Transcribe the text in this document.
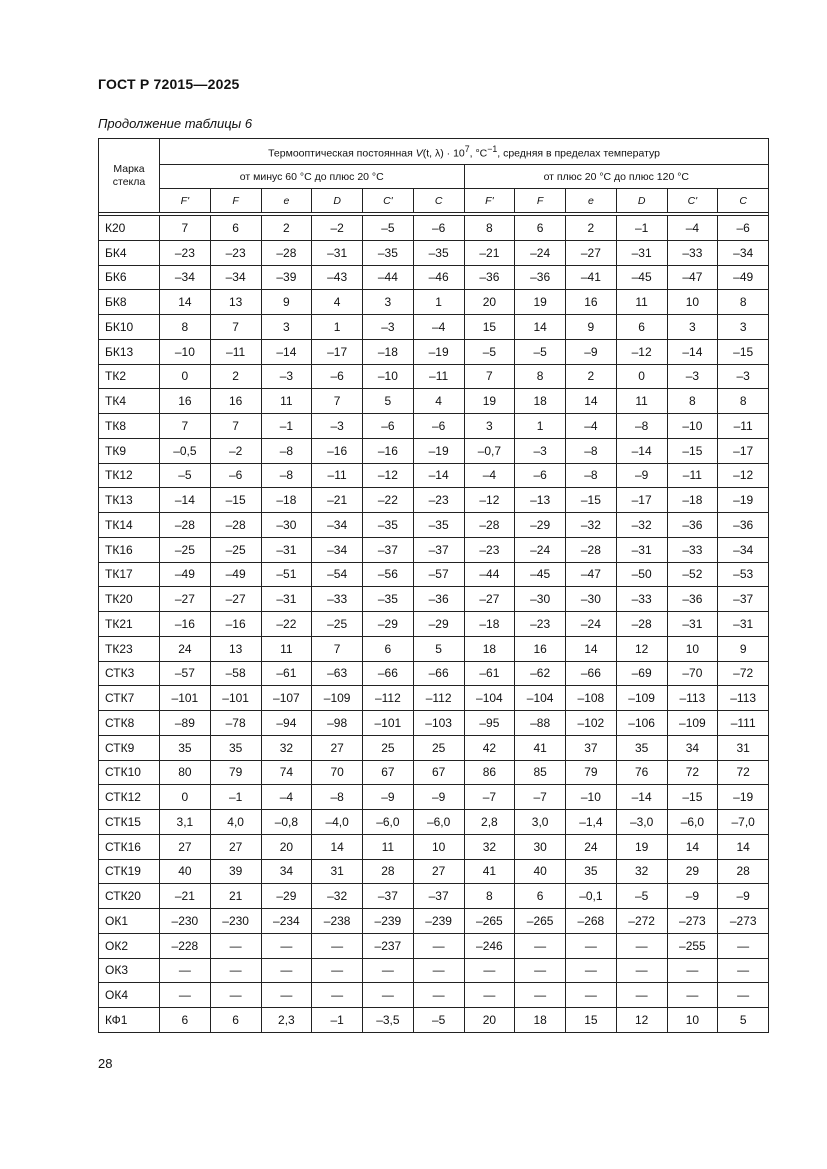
ГОСТ Р 72015—2025
Продолжение таблицы 6
Марка стекла	Термооптическая постоянная V(t, $\lambda) \cdot 10^7$, $^\circ C^{-1}$, средняя в пределах температур											
	от минус 60 °C до плюс 20 °C						от плюс 20 °C до плюс 120 °C					
	F'	F	e	D	C'	C	F'	F	e	D	C'	C

К20	7	6	2	–2	–5	–6	8	6	2	–1	–4	–6
БК4	–23	–23	–28	–31	–35	–35	–21	–24	–27	–31	–33	–34
БК6	–34	–34	–39	–43	–44	–46	–36	–36	–41	–45	–47	–49
БК8	14	13	9	4	3	1	20	19	16	11	10	8
БК10	8	7	3	1	–3	–4	15	14	9	6	3	3
БК13	–10	–11	–14	–17	–18	–19	–5	–5	–9	–12	–14	–15
ТК2	0	2	–3	–6	–10	–11	7	8	2	0	–3	–3
ТК4	16	16	11	7	5	4	19	18	14	11	8	8
ТК8	7	7	–1	–3	–6	–6	3	1	–4	–8	–10	–11
ТК9	–0,5	–2	–8	–16	–16	–19	–0,7	–3	–8	–14	–15	–17
ТК12	–5	–6	–8	–11	–12	–14	–4	–6	–8	–9	–11	–12
ТК13	–14	–15	–18	–21	–22	–23	–12	–13	–15	–17	–18	–19
ТК14	–28	–28	–30	–34	–35	–35	–28	–29	–32	–32	–36	–36
ТК16	–25	–25	–31	–34	–37	–37	–23	–24	–28	–31	–33	–34
ТК17	–49	–49	–51	–54	–56	–57	–44	–45	–47	–50	–52	–53
ТК20	–27	–27	–31	–33	–35	–36	–27	–30	–30	–33	–36	–37
ТК21	–16	–16	–22	–25	–29	–29	–18	–23	–24	–28	–31	–31
ТК23	24	13	11	7	6	5	18	16	14	12	10	9
СТК3	–57	–58	–61	–63	–66	–66	–61	–62	–66	–69	–70	–72
СТК7	–101	–101	–107	–109	–112	–112	–104	–104	–108	–109	–113	–113
СТК8	–89	–78	–94	–98	–101	–103	–95	–88	–102	–106	–109	–111
СТК9	35	35	32	27	25	25	42	41	37	35	34	31
СТК10	80	79	74	70	67	67	86	85	79	76	72	72
СТК12	0	–1	–4	–8	–9	–9	–7	–7	–10	–14	–15	–19
СТК15	3,1	4,0	–0,8	–4,0	–6,0	–6,0	2,8	3,0	–1,4	–3,0	–6,0	–7,0
СТК16	27	27	20	14	11	10	32	30	24	19	14	14
СТК19	40	39	34	31	28	27	41	40	35	32	29	28
СТК20	–21	21	–29	–32	–37	–37	8	6	–0,1	–5	–9	–9
ОК1	–230	–230	–234	–238	–239	–239	–265	–265	–268	–272	–273	–273
ОК2	–228	—	—	—	–237	—	–246	—	—	—	–255	—
ОК3	—	—	—	—	—	—	—	—	—	—	—	—
ОК4	—	—	—	—	—	—	—	—	—	—	—	—
КФ1	6	6	2,3	–1	–3,5	–5	20	18	15	12	10	5
28
